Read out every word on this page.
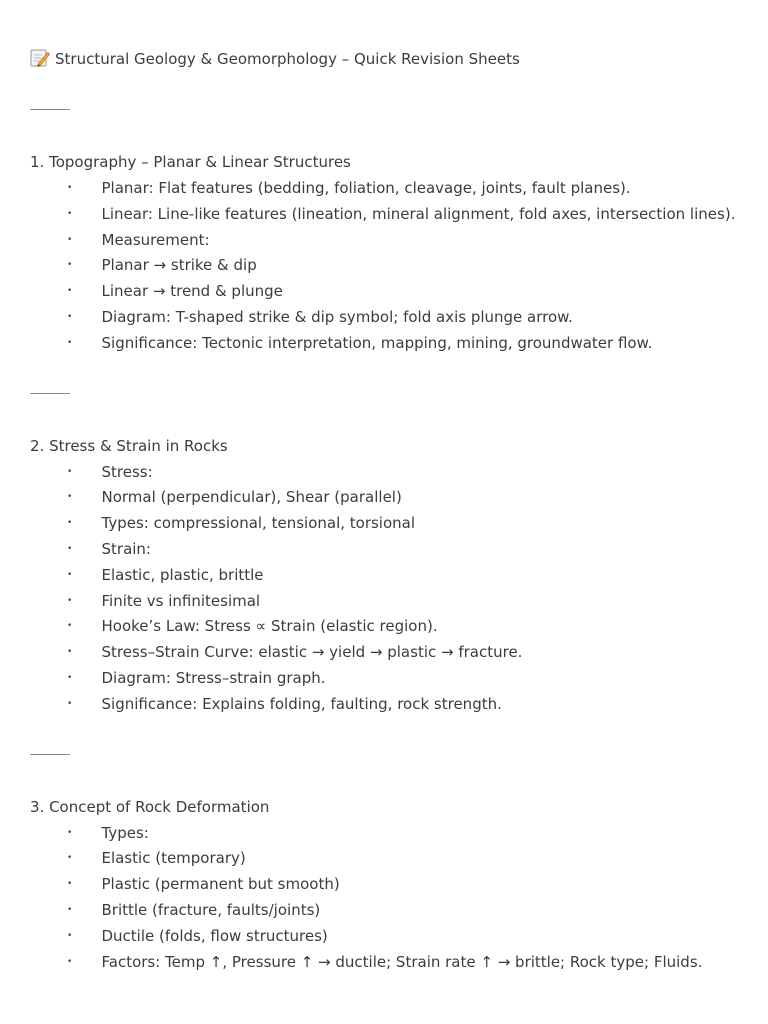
Structural Geology & Geomorphology – Quick Revision Sheets
1. Topography – Planar & Linear Structures
• Planar: Flat features (bedding, foliation, cleavage, joints, fault planes).
• Linear: Line-like features (lineation, mineral alignment, fold axes, intersection lines).
• Measurement:
• Planar → strike & dip
• Linear → trend & plunge
• Diagram: T-shaped strike & dip symbol; fold axis plunge arrow.
• Significance: Tectonic interpretation, mapping, mining, groundwater flow.
2. Stress & Strain in Rocks
• Stress:
• Normal (perpendicular), Shear (parallel)
• Types: compressional, tensional, torsional
• Strain:
• Elastic, plastic, brittle
• Finite vs infinitesimal
• Hooke’s Law: Stress ∝ Strain (elastic region).
• Stress–Strain Curve: elastic → yield → plastic → fracture.
• Diagram: Stress–strain graph.
• Significance: Explains folding, faulting, rock strength.
3. Concept of Rock Deformation
• Types:
• Elastic (temporary)
• Plastic (permanent but smooth)
• Brittle (fracture, faults/joints)
• Ductile (folds, flow structures)
• Factors: Temp ↑, Pressure ↑ → ductile; Strain rate ↑ → brittle; Rock type; Fluids.
